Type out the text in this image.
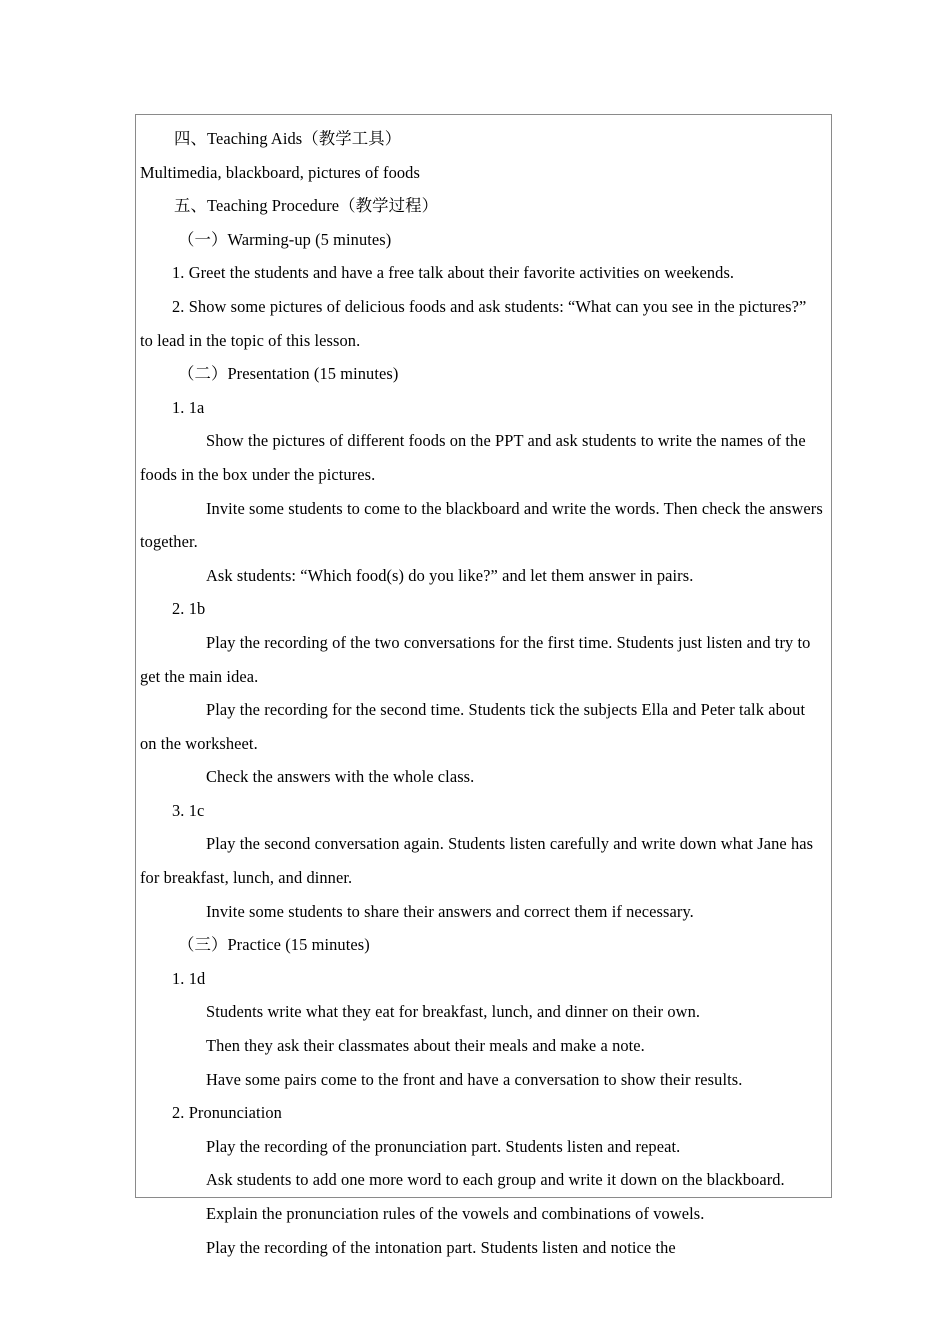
四、Teaching Aids（教学工具）

Multimedia, blackboard, pictures of foods

五、Teaching Procedure（教学过程）

（一）Warming-up (5 minutes)

1. Greet the students and have a free talk about their favorite activities on weekends.

2. Show some pictures of delicious foods and ask students: “What can you see in the pictures?” to lead in the topic of this lesson.

（二）Presentation (15 minutes)

1. 1a

Show the pictures of different foods on the PPT and ask students to write the names of the foods in the box under the pictures.

Invite some students to come to the blackboard and write the words. Then check the answers together.

Ask students: “Which food(s) do you like?” and let them answer in pairs.

2. 1b

Play the recording of the two conversations for the first time. Students just listen and try to get the main idea.

Play the recording for the second time. Students tick the subjects Ella and Peter talk about on the worksheet.

Check the answers with the whole class.

3. 1c

Play the second conversation again. Students listen carefully and write down what Jane has for breakfast, lunch, and dinner.

Invite some students to share their answers and correct them if necessary.

（三）Practice (15 minutes)

1. 1d

Students write what they eat for breakfast, lunch, and dinner on their own.

Then they ask their classmates about their meals and make a note.

Have some pairs come to the front and have a conversation to show their results.

2. Pronunciation

Play the recording of the pronunciation part. Students listen and repeat.

Ask students to add one more word to each group and write it down on the blackboard.

Explain the pronunciation rules of the vowels and combinations of vowels.

Play the recording of the intonation part. Students listen and notice the
